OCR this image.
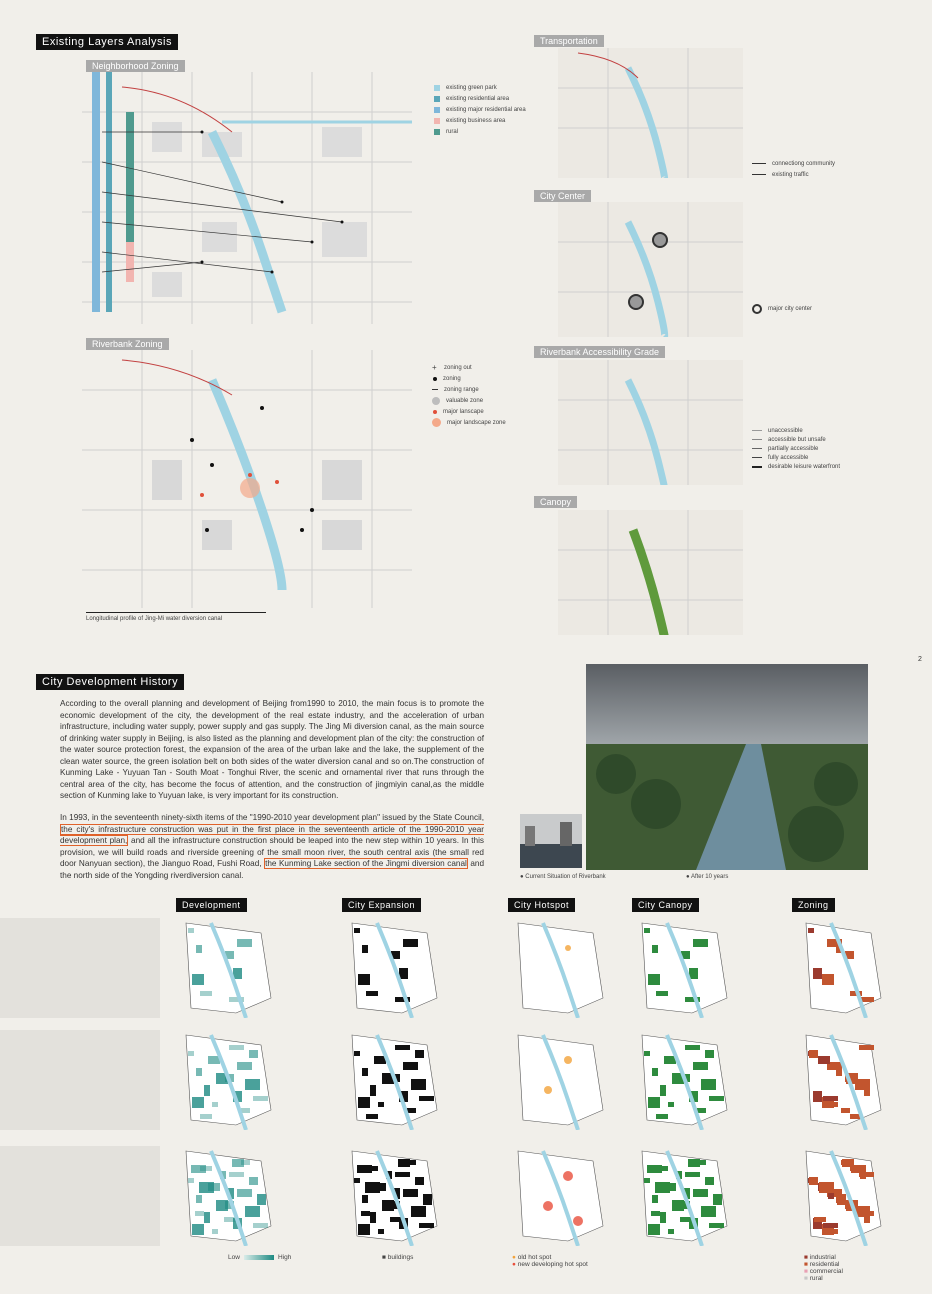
Existing Layers Analysis
Neighborhood Zoning
existing green park
existing residential area
existing major residential area
existing business area
rural
Riverbank Zoning
+ zoning out
zoning
zoning range
valuable zone
major lanscape
major landscape zone
Longitudinal profile of Jing-Mi water diversion canal
Transportation
connectiong community
existing traffic
City Center
major city center
Riverbank Accessibility Grade
unaccessible
accessible but unsafe
partially accessible
fully accessible
desirable leisure waterfront
Canopy
2
City Development History
According to the overall planning and development of Beijing from1990 to 2010, the main focus is to promote the economic development of the city, the development of the real estate industry, and the acceleration of urban infrastructure, including water supply, power supply and gas supply. The Jing Mi diversion canal, as the main source of drinking water supply in Beijing, is also listed as the planning and development plan of the city: the construction of the water source protection forest, the expansion of the area of the urban lake and the lake, the supplement of the clean water source, the green isolation belt on both sides of the water diversion canal and so on.The construction of Kunming Lake - Yuyuan Tan - South Moat - Tonghui River, the scenic and ornamental river that runs through the central area of the city, has become the focus of attention, and the construction of jingmiyin canal,as the middle section of Kunming lake to Yuyuan lake, is very important for its construction.
In 1993, in the seventeenth ninety-sixth items of the "1990-2010 year development plan" issued by the State Council, the city's infrastructure construction was put in the first place in the seventeenth article of the 1990-2010 year development plan, and all the infrastructure construction should be leaped into the new step within 10 years. In this provision, we will build roads and riverside greening of the small moon river, the south central axis (the small red door Nanyuan section), the Jianguo Road, Fushi Road, the Kunming Lake section of the Jingmi diversion canal and the north side of the Yongding riverdiversion canal.	● Current Situation of Riverbank	● After 10 years
Development	City Expansion	City Hotspot	City Canopy	Zoning
Low	High	■ buildings	● old hot spot
● new developing hot spot
■ industrial
■ residential
■ commercial
■ rural
